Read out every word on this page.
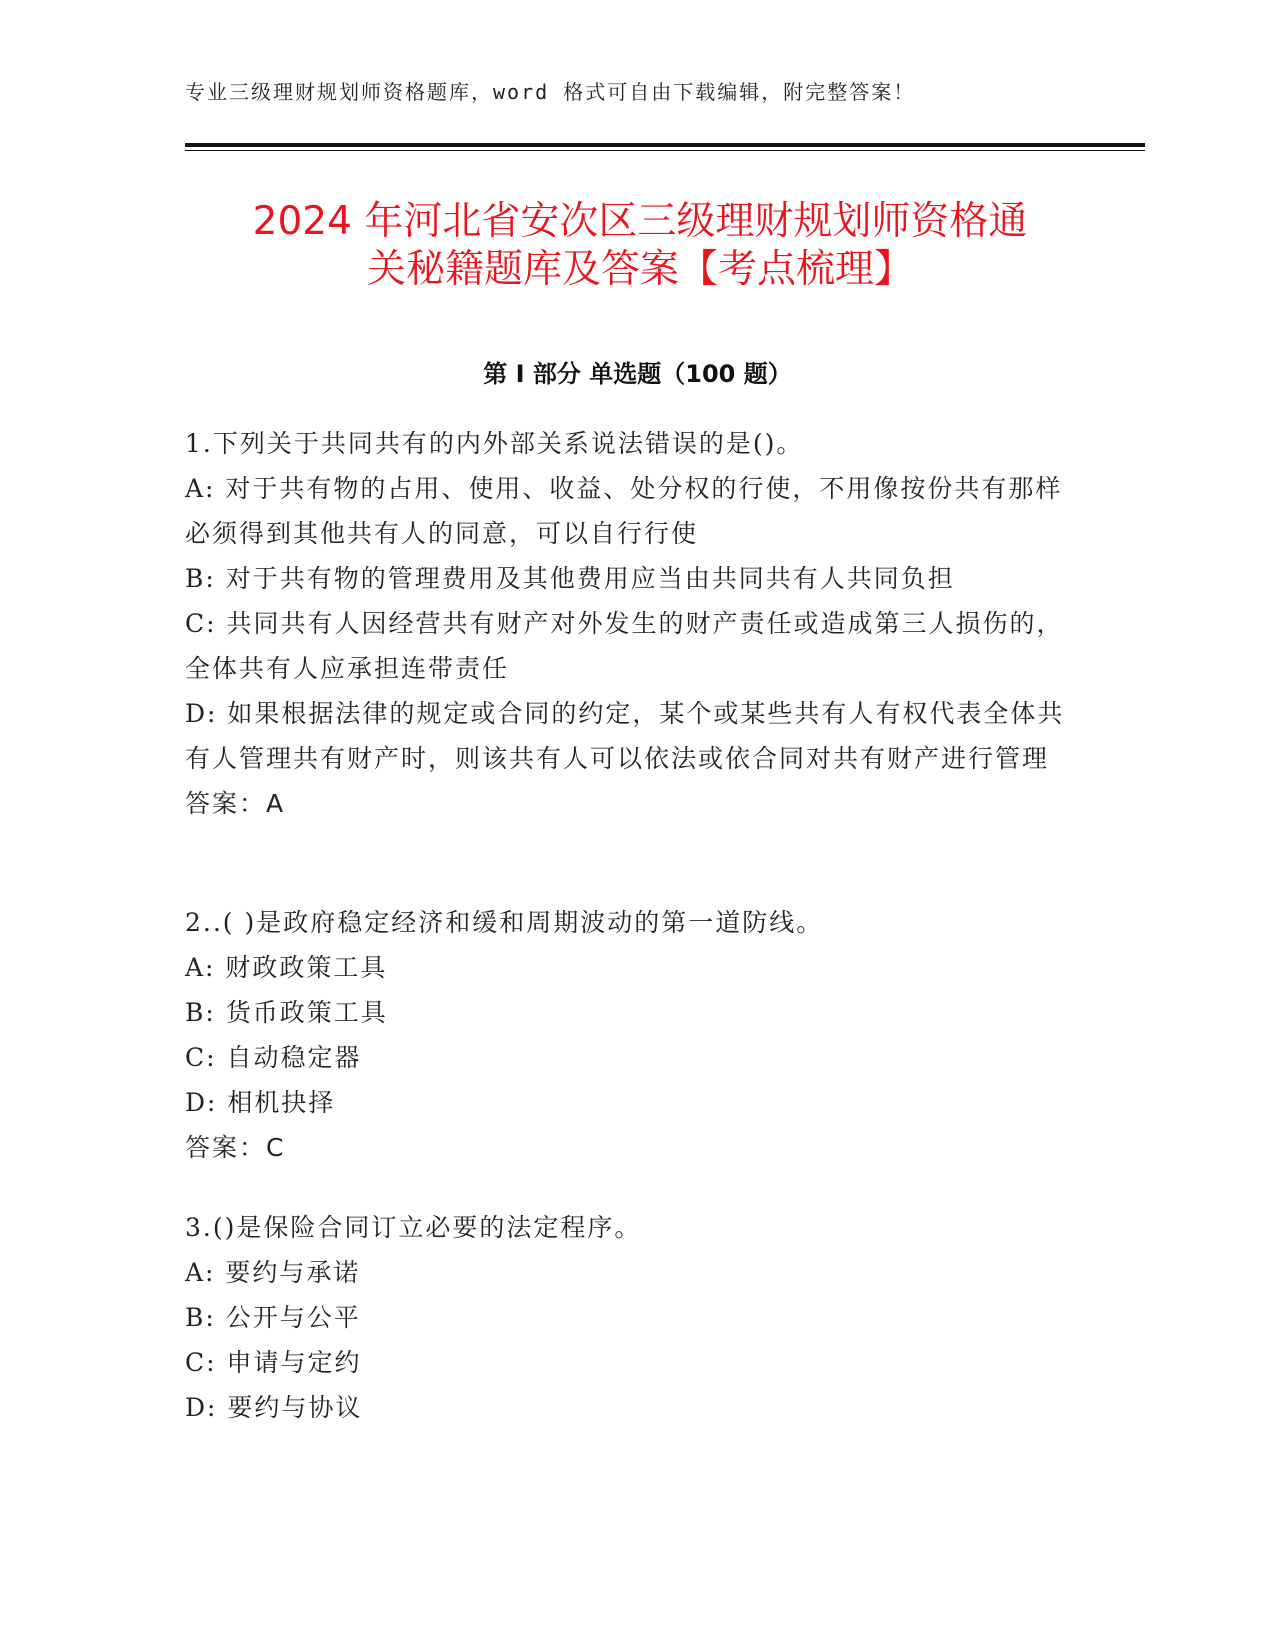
专业三级理财规划师资格题库，word 格式可自由下载编辑，附完整答案！
2024 年河北省安次区三级理财规划师资格通
关秘籍题库及答案【考点梳理】
第 I 部分 单选题（100 题）
1.下列关于共同共有的内外部关系说法错误的是()。
A: 对于共有物的占用、使用、收益、处分权的行使，不用像按份共有那样必须得到其他共有人的同意，可以自行行使
B: 对于共有物的管理费用及其他费用应当由共同共有人共同负担
C: 共同共有人因经营共有财产对外发生的财产责任或造成第三人损伤的，全体共有人应承担连带责任
D: 如果根据法律的规定或合同的约定，某个或某些共有人有权代表全体共有人管理共有财产时，则该共有人可以依法或依合同对共有财产进行管理
答案：A
2..( )是政府稳定经济和缓和周期波动的第一道防线。
A: 财政政策工具
B: 货币政策工具
C: 自动稳定器
D: 相机抉择
答案：C
3.()是保险合同订立必要的法定程序。
A: 要约与承诺
B: 公开与公平
C: 申请与定约
D: 要约与协议
